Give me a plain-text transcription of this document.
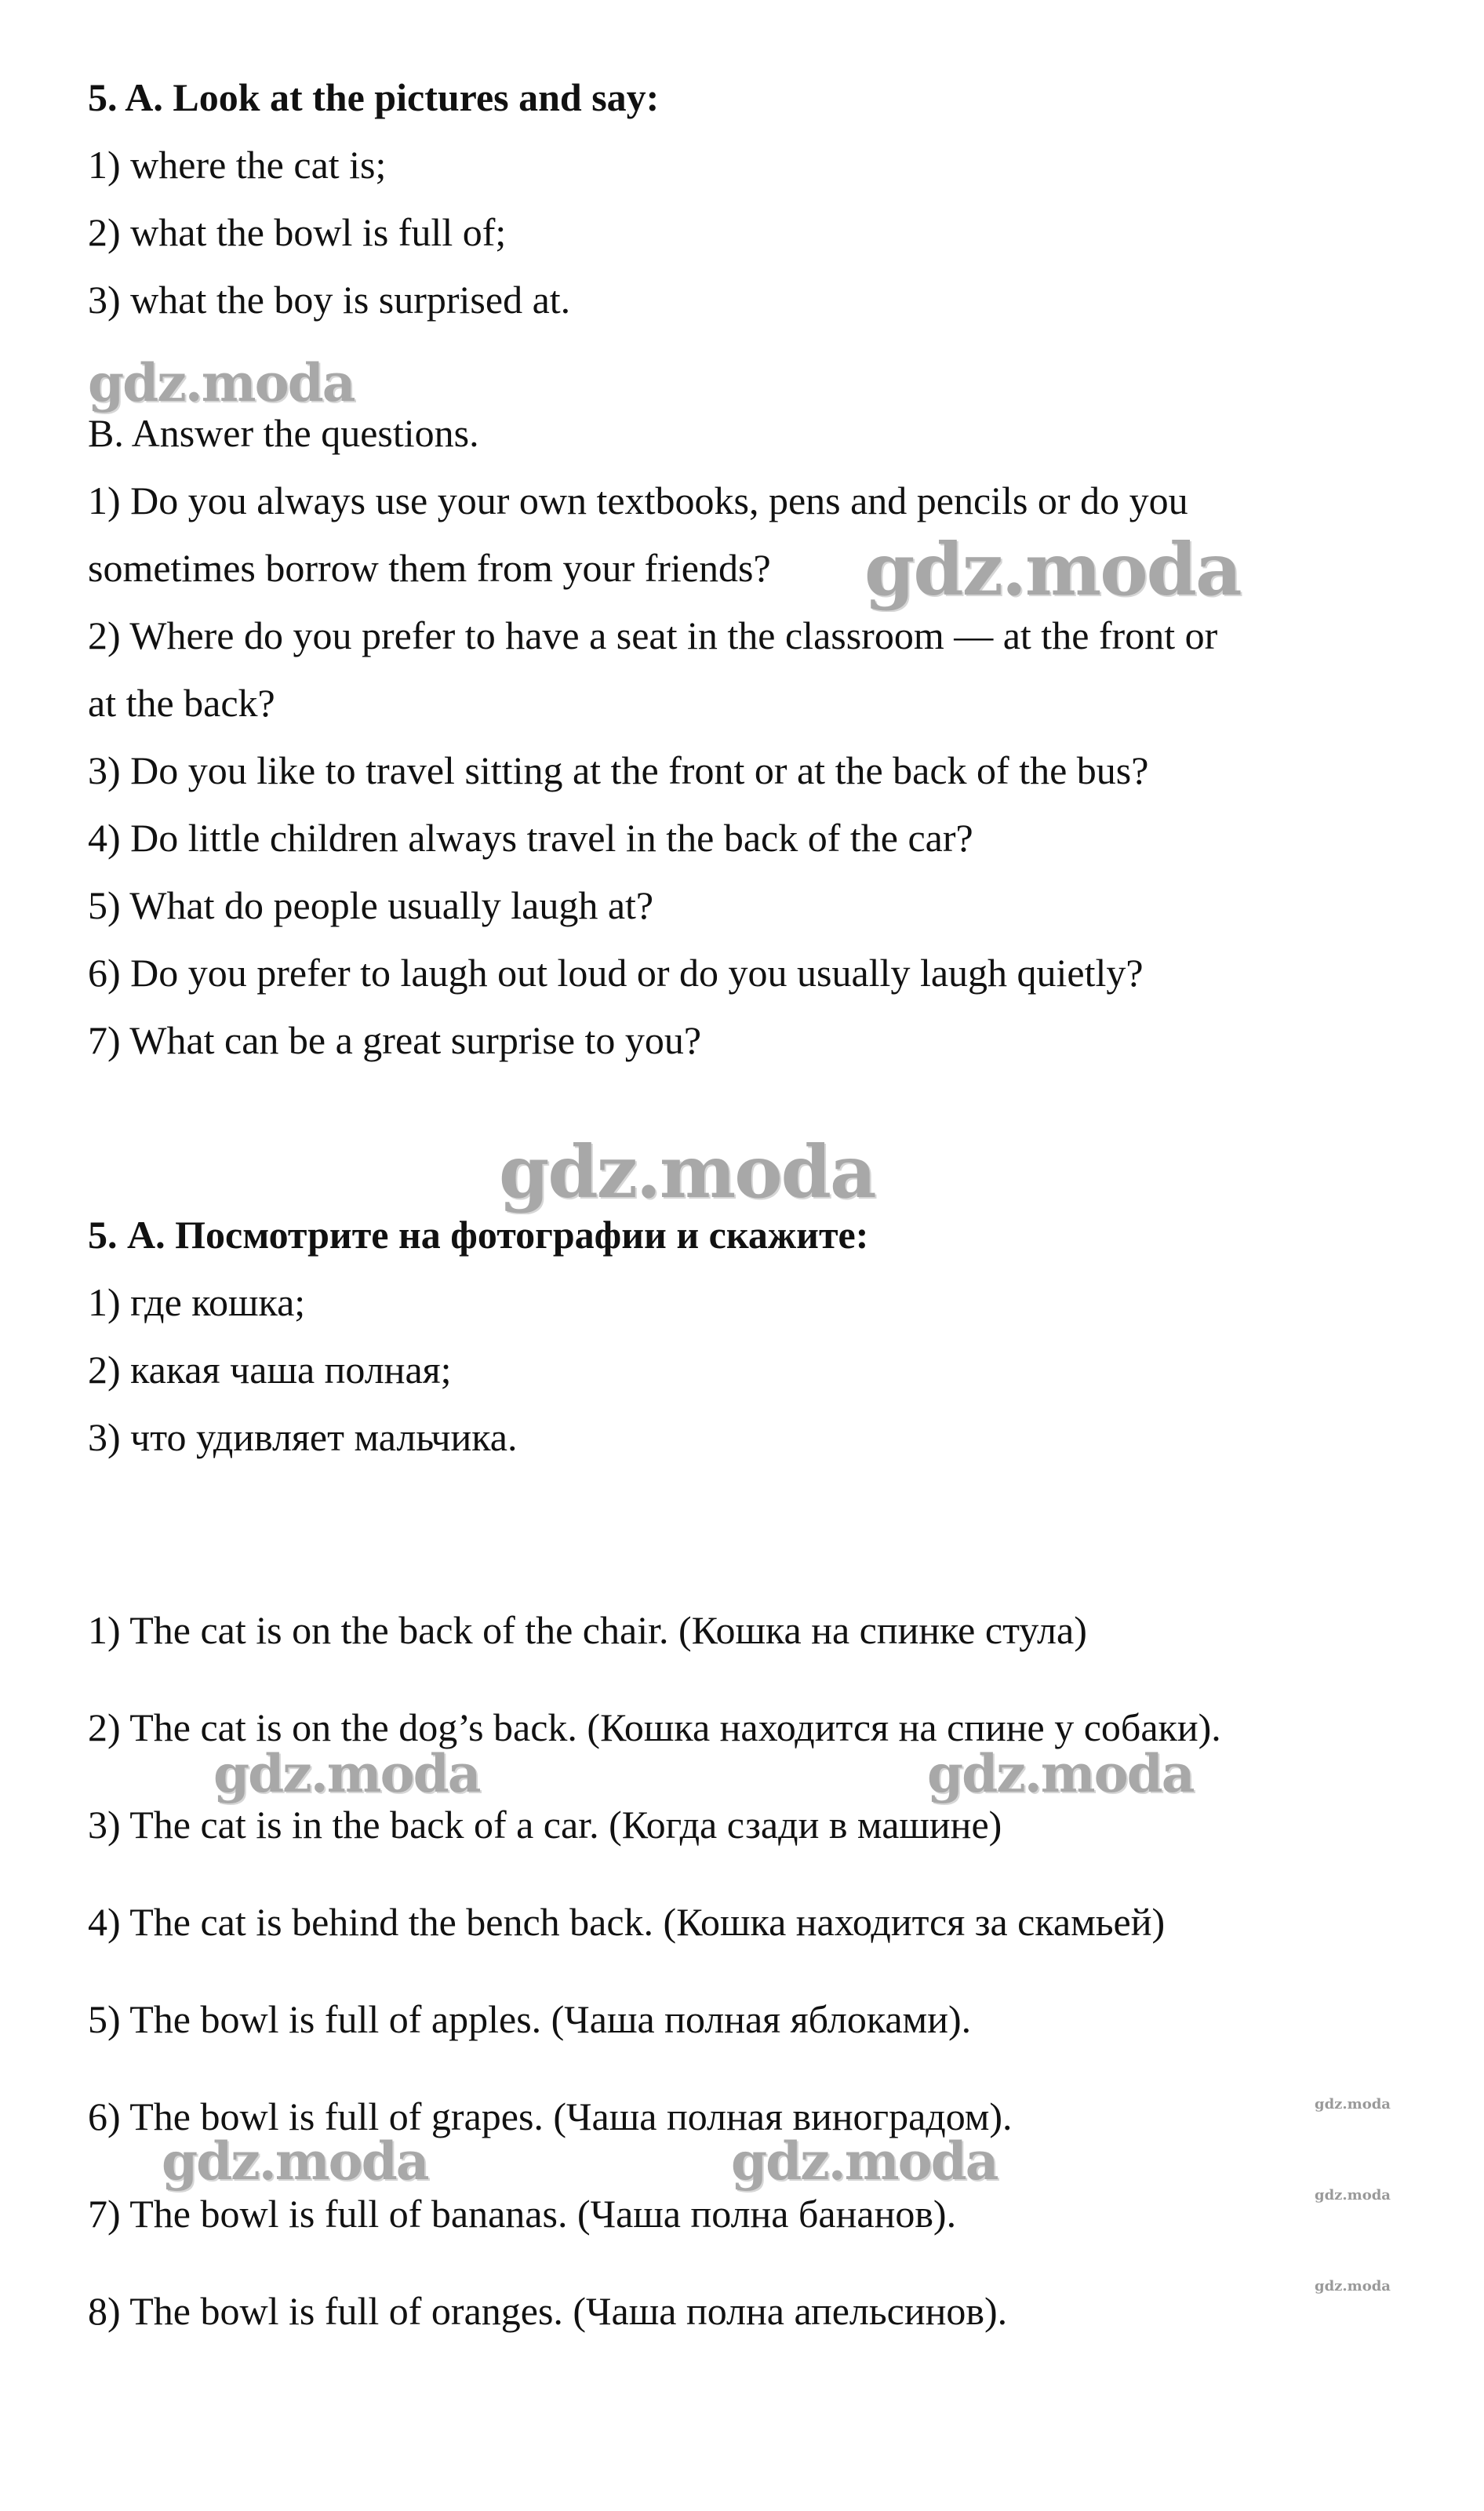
5. A. Look at the pictures and say:

1) where the cat is;

2) what the bowl is full of;

3) what the boy is surprised at.

gdz.moda

B. Answer the questions.

1) Do you always use your own textbooks, pens and pencils or do you

sometimes borrow them from your friends? gdz.moda

2) Where do you prefer to have a seat in the classroom — at the front or

at the back?

3) Do you like to travel sitting at the front or at the back of the bus?

4) Do little children always travel in the back of the car?

5) What do people usually laugh at?

6) Do you prefer to laugh out loud or do you usually laugh quietly?

7) What can be a great surprise to you?

gdz.moda

5. А. Посмотрите на фотографии и скажите:

1) где кошка;

2) какая чаша полная;

3) что удивляет мальчика.

1) The cat is on the back of the chair. (Кошка на спинке стула)

2) The cat is on the dog’s back. (Кошка находится на спине у собаки).

gdz.moda	gdz.moda

3) The cat is in the back of a car. (Когда сзади в машине)

4) The cat is behind the bench back. (Кошка находится за скамьей)

5) The bowl is full of apples. (Чаша полная яблоками).

6) The bowl is full of grapes. (Чаша полная виноградом).	gdz.moda
gdz.moda	gdz.moda

7) The bowl is full of bananas. (Чаша полна бананов).	gdz.moda

8) The bowl is full of oranges. (Чаша полна апельсинов).

gdz.moda
